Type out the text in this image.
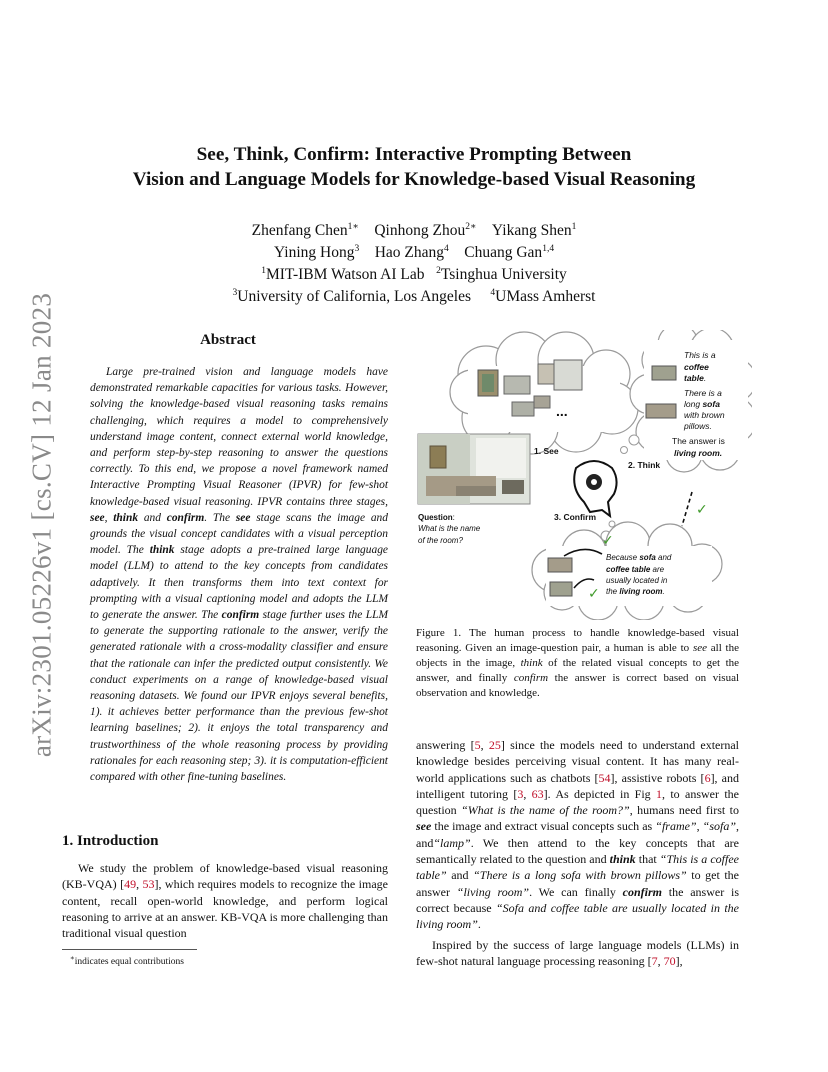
arXiv:2301.05226v1 [cs.CV] 12 Jan 2023
See, Think, Confirm: Interactive Prompting Between
Vision and Language Models for Knowledge-based Visual Reasoning
Zhenfang Chen$^{1∗}$ Qinhong Zhou$^{2∗}$ Yikang Shen$^1$
Yining Hong$^3$ Hao Zhang$^4$ Chuang Gan$^{1,4}$
$^1$MIT-IBM Watson AI Lab $^2$Tsinghua University
$^3$University of California, Los Angeles $^4$UMass Amherst
Abstract
Large pre-trained vision and language models have demonstrated remarkable capacities for various tasks. However, solving the knowledge-based visual reasoning tasks remains challenging, which requires a model to comprehensively understand image content, connect external world knowledge, and perform step-by-step reasoning to answer the questions correctly. To this end, we propose a novel framework named Interactive Prompting Visual Reasoner (IPVR) for few-shot knowledge-based visual reasoning. IPVR contains three stages, see, think and confirm. The see stage scans the image and grounds the visual concept candidates with a visual perception model. The think stage adopts a pre-trained large language model (LLM) to attend to the key concepts from candidates adaptively. It then transforms them into text context for prompting with a visual captioning model and adopts the LLM to generate the answer. The confirm stage further uses the LLM to generate the supporting rationale to the answer, verify the generated rationale with a cross-modality classifier and ensure that the rationale can infer the predicted output consistently. We conduct experiments on a range of knowledge-based visual reasoning datasets. We found our IPVR enjoys several benefits, 1). it achieves better performance than the previous few-shot learning baselines; 2). it enjoys the total transparency and trustworthiness of the whole reasoning process by providing rationales for each reasoning step; 3). it is computation-efficient compared with other fine-tuning baselines.
1. Introduction
We study the problem of knowledge-based visual reasoning (KB-VQA) [49, 53], which requires models to recognize the image content, recall open-world knowledge, and perform logical reasoning to arrive at an answer. KB-VQA is more challenging than traditional visual question
∗indicates equal contributions
...
This is a coffee table.
There is a long sofa with brown pillows.
The answer is living room.
1. See
2. Think
3. Confirm	✓
Question: What is the name of the room?	✓
✓
Because sofa and coffee table are usually located in the living room.
Figure 1. The human process to handle knowledge-based visual reasoning. Given an image-question pair, a human is able to see all the objects in the image, think of the related visual concepts to get the answer, and finally confirm the answer is correct based on visual observation and knowledge.

answering [5, 25] since the models need to understand external knowledge besides perceiving visual content. It has many real-world applications such as chatbots [54], assistive robots [6], and intelligent tutoring [3, 63]. As depicted in Fig 1, to answer the question “What is the name of the room?”, humans need first to see the image and extract visual concepts such as “frame”, “sofa”, and“lamp”. We then attend to the key concepts that are semantically related to the question and think that “This is a coffee table” and “There is a long sofa with brown pillows” to get the answer “living room”. We can finally confirm the answer is correct because “Sofa and coffee table are usually located in the living room”.

Inspired by the success of large language models (LLMs) in few-shot natural language processing reasoning [7, 70],
